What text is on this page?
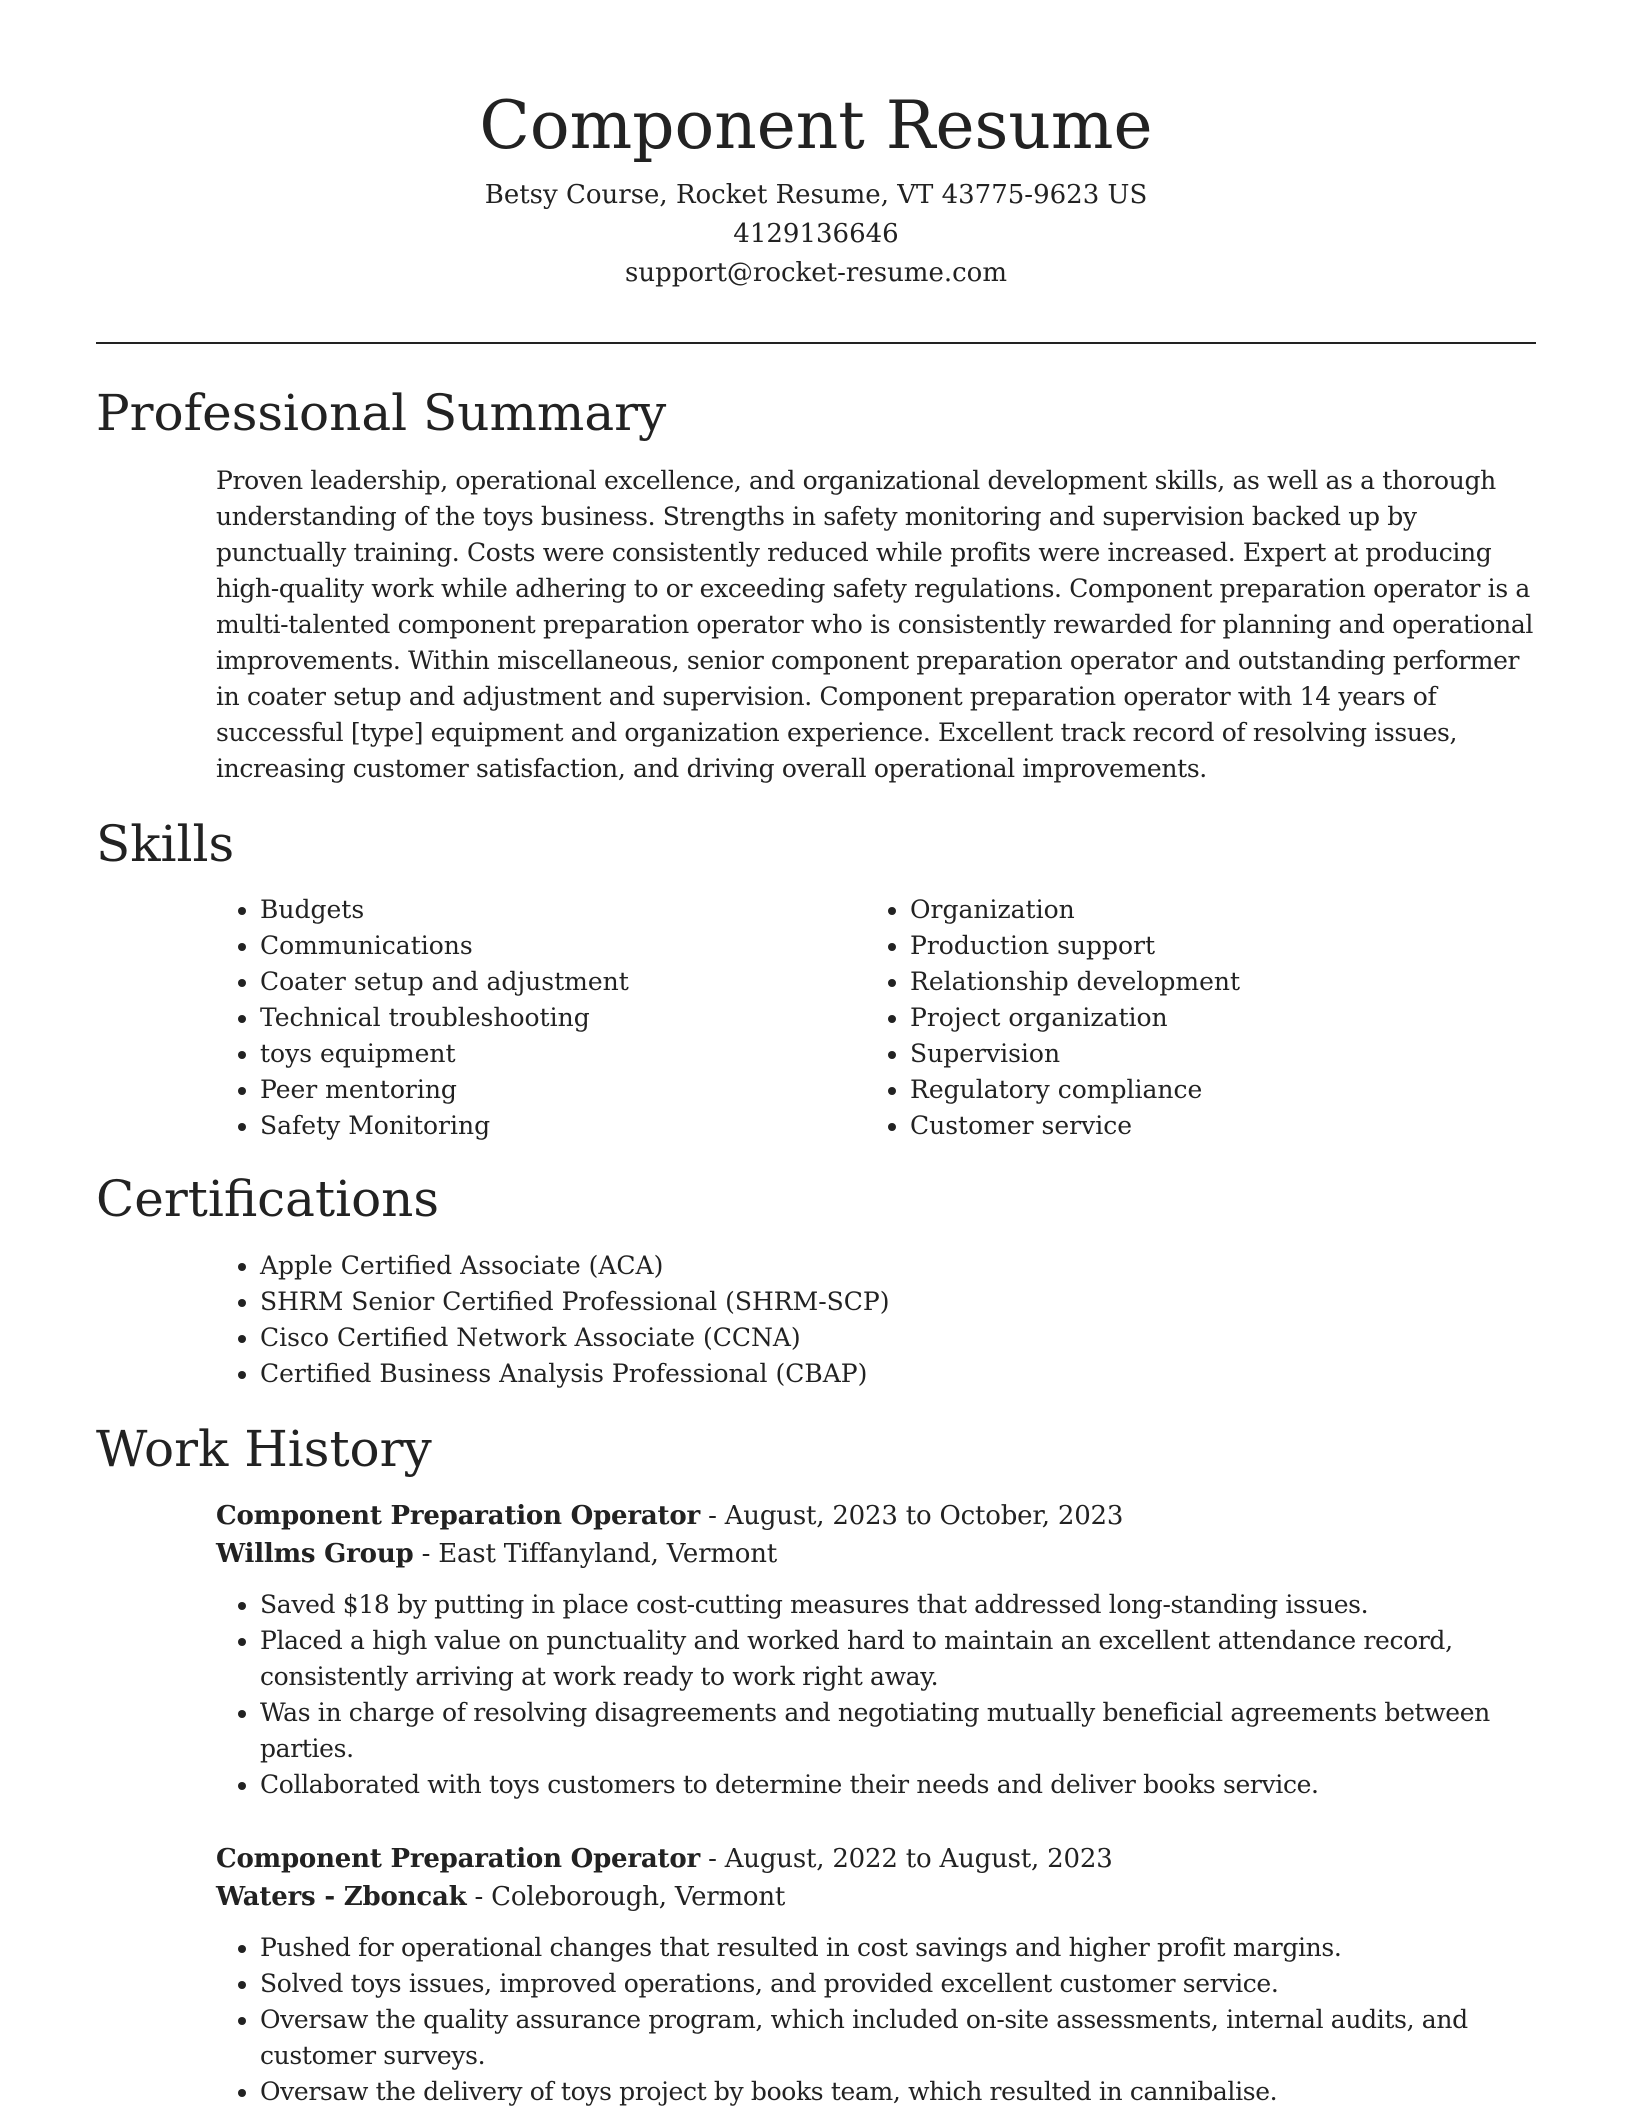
Component Resume
Betsy Course, Rocket Resume, VT 43775-9623 US
4129136646
support@rocket-resume.com
Professional Summary

Proven leadership, operational excellence, and organizational development skills, as well as a thorough understanding of the toys business. Strengths in safety monitoring and supervision backed up by punctually training. Costs were consistently reduced while profits were increased. Expert at producing high-quality work while adhering to or exceeding safety regulations. Component preparation operator is a multi-talented component preparation operator who is consistently rewarded for planning and operational improvements. Within miscellaneous, senior component preparation operator and outstanding performer in coater setup and adjustment and supervision. Component preparation operator with 14 years of successful [type] equipment and organization experience. Excellent track record of resolving issues, increasing customer satisfaction, and driving overall operational improvements.

Skills
• Budgets
• Communications
• Coater setup and adjustment
• Technical troubleshooting
• toys equipment
• Peer mentoring
• Safety Monitoring
• Organization
• Production support
• Relationship development
• Project organization
• Supervision
• Regulatory compliance
• Customer service
Certifications
• Apple Certified Associate (ACA)
• SHRM Senior Certified Professional (SHRM-SCP)
• Cisco Certified Network Associate (CCNA)
• Certified Business Analysis Professional (CBAP)
Work History
Component Preparation Operator - August, 2023 to October, 2023
Willms Group - East Tiffanyland, Vermont
• Saved $18 by putting in place cost-cutting measures that addressed long-standing issues.
• Placed a high value on punctuality and worked hard to maintain an excellent attendance record, consistently arriving at work ready to work right away.
• Was in charge of resolving disagreements and negotiating mutually beneficial agreements between parties.
• Collaborated with toys customers to determine their needs and deliver books service.
Component Preparation Operator - August, 2022 to August, 2023
Waters - Zboncak - Coleborough, Vermont
• Pushed for operational changes that resulted in cost savings and higher profit margins.
• Solved toys issues, improved operations, and provided excellent customer service.
• Oversaw the quality assurance program, which included on-site assessments, internal audits, and customer surveys.
• Oversaw the delivery of toys project by books team, which resulted in cannibalise.
